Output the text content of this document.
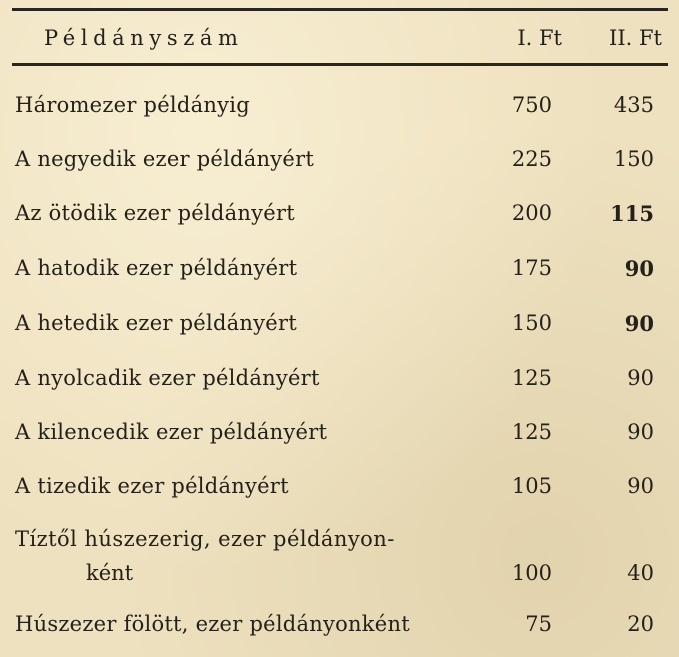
Példányszám	I. Ft	II. Ft
Háromezer példányig	750	435
A negyedik ezer példányért	225	150
Az ötödik ezer példányért	200	115
A hatodik ezer példányért	175	90
A hetedik ezer példányért	150	90
A nyolcadik ezer példányért	125	90
A kilencedik ezer példányért	125	90
A tizedik ezer példányért	105	90
Tíztől húszezerig, ezer példányon-
ként	100	40
Húszezer fölött, ezer példányonként	75	20
